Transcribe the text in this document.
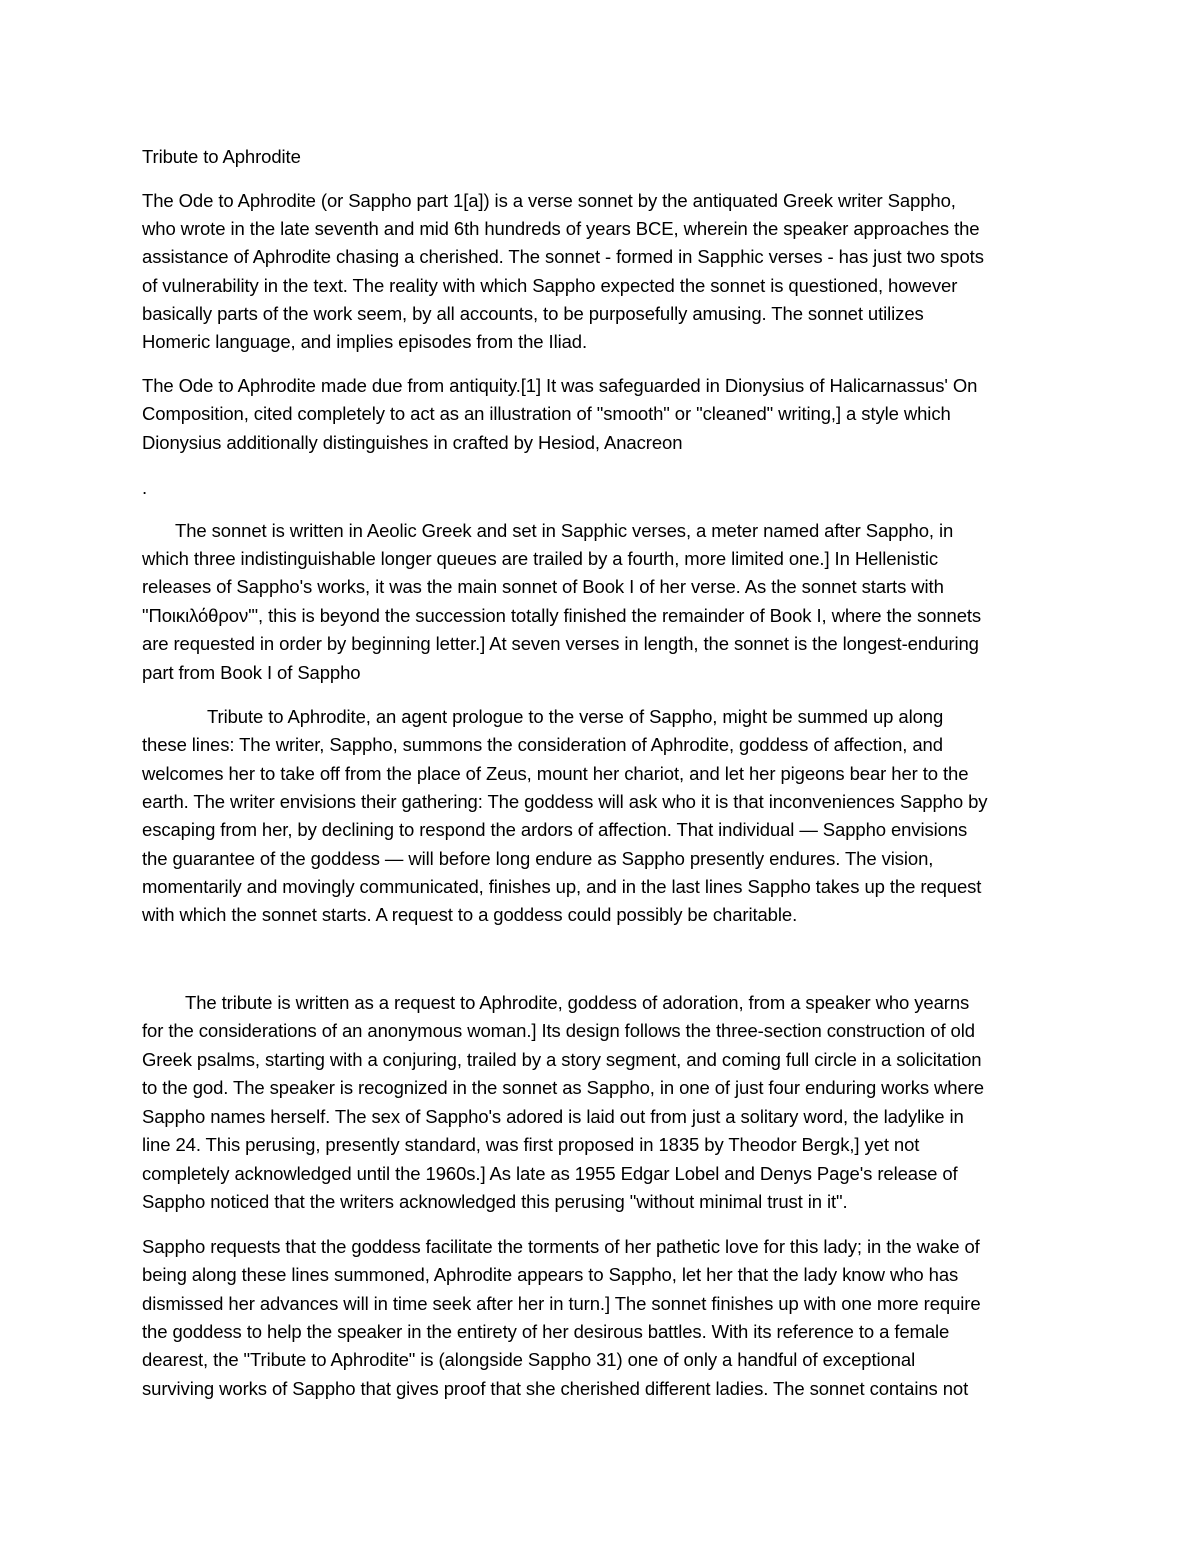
Tribute to Aphrodite

The Ode to Aphrodite (or Sappho part 1[a]) is a verse sonnet by the antiquated Greek writer Sappho,

who wrote in the late seventh and mid 6th hundreds of years BCE, wherein the speaker approaches the

assistance of Aphrodite chasing a cherished. The sonnet - formed in Sapphic verses - has just two spots

of vulnerability in the text. The reality with which Sappho expected the sonnet is questioned, however

basically parts of the work seem, by all accounts, to be purposefully amusing. The sonnet utilizes

Homeric language, and implies episodes from the Iliad.

The Ode to Aphrodite made due from antiquity.[1] It was safeguarded in Dionysius of Halicarnassus' On

Composition, cited completely to act as an illustration of "smooth" or "cleaned" writing,] a style which

Dionysius additionally distinguishes in crafted by Hesiod, Anacreon

.

The sonnet is written in Aeolic Greek and set in Sapphic verses, a meter named after Sappho, in

which three indistinguishable longer queues are trailed by a fourth, more limited one.] In Hellenistic

releases of Sappho's works, it was the main sonnet of Book I of her verse. As the sonnet starts with

"Ποικιλόθρον'", this is beyond the succession totally finished the remainder of Book I, where the sonnets

are requested in order by beginning letter.] At seven verses in length, the sonnet is the longest-enduring

part from Book I of Sappho

Tribute to Aphrodite, an agent prologue to the verse of Sappho, might be summed up along

these lines: The writer, Sappho, summons the consideration of Aphrodite, goddess of affection, and

welcomes her to take off from the place of Zeus, mount her chariot, and let her pigeons bear her to the

earth. The writer envisions their gathering: The goddess will ask who it is that inconveniences Sappho by

escaping from her, by declining to respond the ardors of affection. That individual — Sappho envisions

the guarantee of the goddess — will before long endure as Sappho presently endures. The vision,

momentarily and movingly communicated, finishes up, and in the last lines Sappho takes up the request

with which the sonnet starts. A request to a goddess could possibly be charitable.

The tribute is written as a request to Aphrodite, goddess of adoration, from a speaker who yearns

for the considerations of an anonymous woman.] Its design follows the three-section construction of old

Greek psalms, starting with a conjuring, trailed by a story segment, and coming full circle in a solicitation

to the god. The speaker is recognized in the sonnet as Sappho, in one of just four enduring works where

Sappho names herself. The sex of Sappho's adored is laid out from just a solitary word, the ladylike in

line 24. This perusing, presently standard, was first proposed in 1835 by Theodor Bergk,] yet not

completely acknowledged until the 1960s.] As late as 1955 Edgar Lobel and Denys Page's release of

Sappho noticed that the writers acknowledged this perusing "without minimal trust in it".

Sappho requests that the goddess facilitate the torments of her pathetic love for this lady; in the wake of

being along these lines summoned, Aphrodite appears to Sappho, let her that the lady know who has

dismissed her advances will in time seek after her in turn.] The sonnet finishes up with one more require

the goddess to help the speaker in the entirety of her desirous battles. With its reference to a female

dearest, the "Tribute to Aphrodite" is (alongside Sappho 31) one of only a handful of exceptional

surviving works of Sappho that gives proof that she cherished different ladies. The sonnet contains not
